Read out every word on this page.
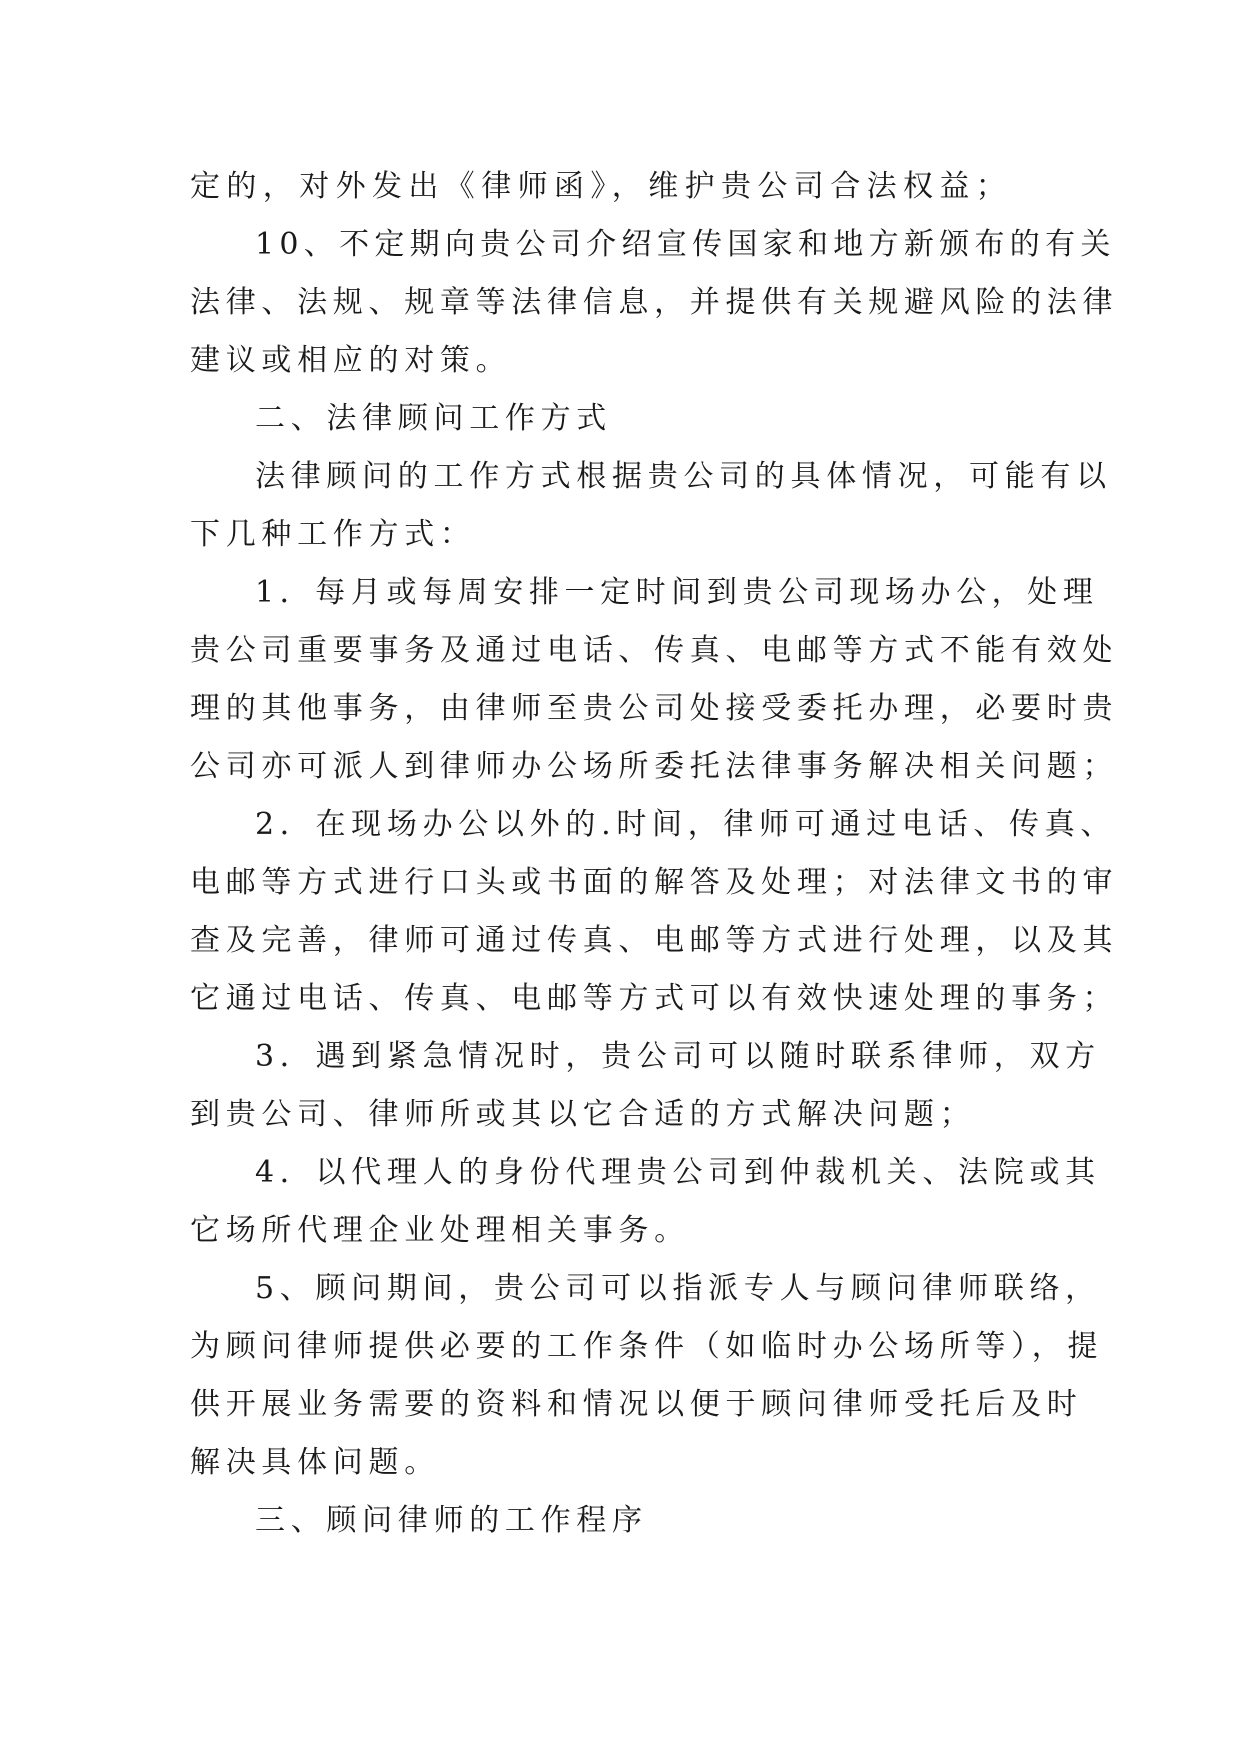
定的，对外发出《律师函》，维护贵公司合法权益；
10、不定期向贵公司介绍宣传国家和地方新颁布的有关
法律、法规、规章等法律信息，并提供有关规避风险的法律
建议或相应的对策。
二、法律顾问工作方式
法律顾问的工作方式根据贵公司的具体情况，可能有以
下几种工作方式：
1．每月或每周安排一定时间到贵公司现场办公，处理
贵公司重要事务及通过电话、传真、电邮等方式不能有效处
理的其他事务，由律师至贵公司处接受委托办理，必要时贵
公司亦可派人到律师办公场所委托法律事务解决相关问题；
2．在现场办公以外的.时间，律师可通过电话、传真、
电邮等方式进行口头或书面的解答及处理；对法律文书的审
查及完善，律师可通过传真、电邮等方式进行处理，以及其
它通过电话、传真、电邮等方式可以有效快速处理的事务；
3．遇到紧急情况时，贵公司可以随时联系律师，双方
到贵公司、律师所或其以它合适的方式解决问题；
4．以代理人的身份代理贵公司到仲裁机关、法院或其
它场所代理企业处理相关事务。
5、顾问期间，贵公司可以指派专人与顾问律师联络，
为顾问律师提供必要的工作条件（如临时办公场所等），提
供开展业务需要的资料和情况以便于顾问律师受托后及时
解决具体问题。
三、顾问律师的工作程序
